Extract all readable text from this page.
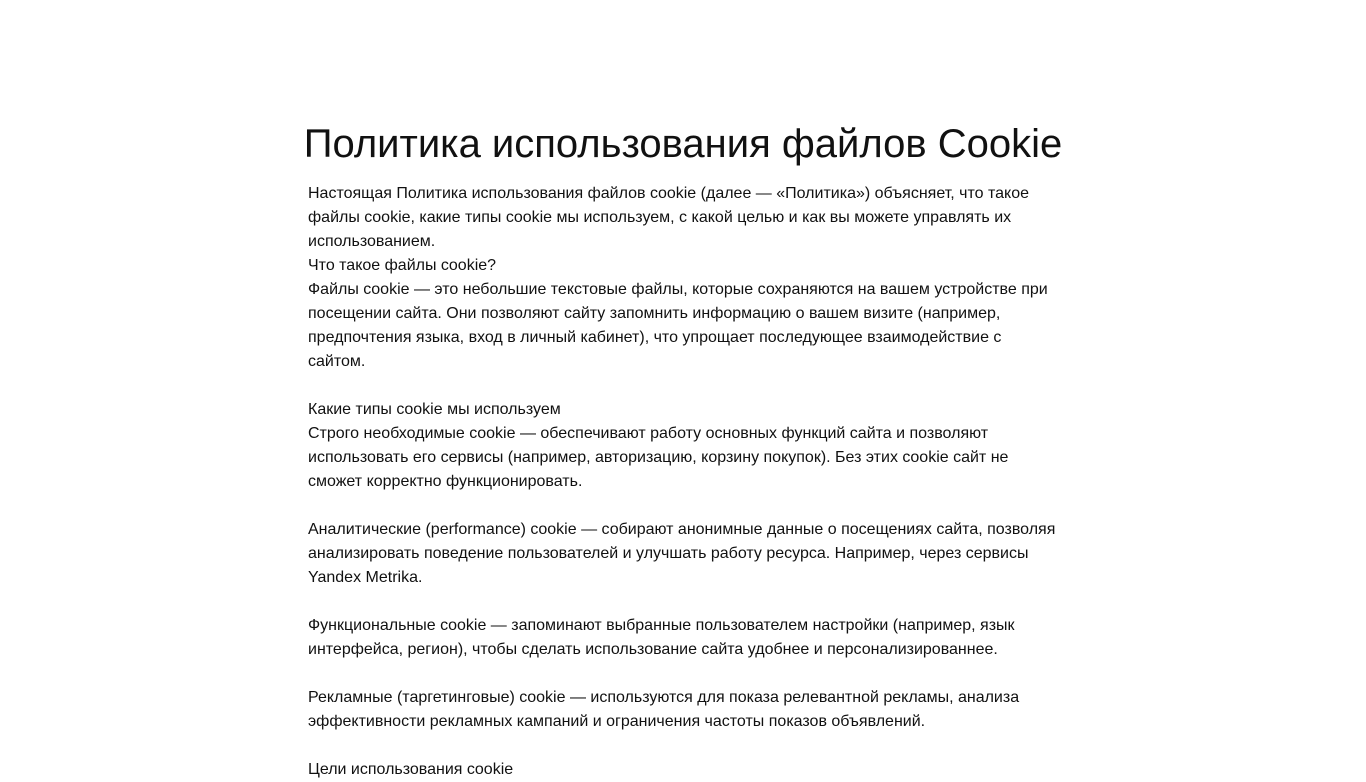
Политика использования файлов Cookie

Настоящая Политика использования файлов cookie (далее — «Политика») объясняет, что такое
файлы cookie, какие типы cookie мы используем, с какой целью и как вы можете управлять их
использованием.

Что такое файлы cookie?

Файлы cookie — это небольшие текстовые файлы, которые сохраняются на вашем устройстве при
посещении сайта. Они позволяют сайту запомнить информацию о вашем визите (например,
предпочтения языка, вход в личный кабинет), что упрощает последующее взаимодействие с
сайтом.

Какие типы cookie мы используем

Строго необходимые cookie — обеспечивают работу основных функций сайта и позволяют
использовать его сервисы (например, авторизацию, корзину покупок). Без этих cookie сайт не
сможет корректно функционировать.

Аналитические (performance) cookie — собирают анонимные данные о посещениях сайта, позволяя
анализировать поведение пользователей и улучшать работу ресурса. Например, через сервисы
Yandex Metrika.

Функциональные cookie — запоминают выбранные пользователем настройки (например, язык
интерфейса, регион), чтобы сделать использование сайта удобнее и персонализированнее.

Рекламные (таргетинговые) cookie — используются для показа релевантной рекламы, анализа
эффективности рекламных кампаний и ограничения частоты показов объявлений.

Цели использования cookie
